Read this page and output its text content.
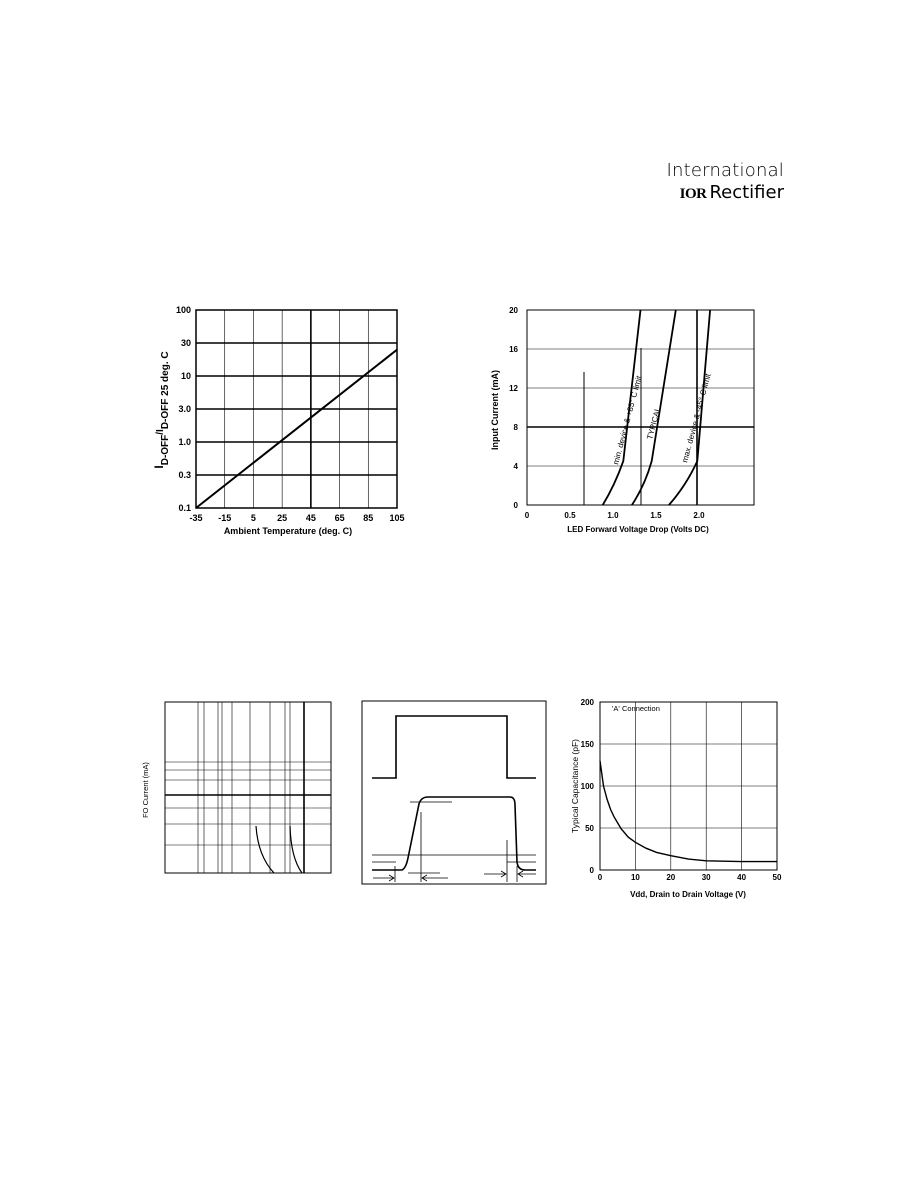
International
IOR Rectifier
-35 -15 5 25 45 65 85 105
0.1
0.3
1.0
3.0
10
30
100
Ambient Temperature (deg. C)
$I_{D-OFF}^{/I}_{D-OFF 25 deg. C}$
0	0.5	1.0	1.5	2.0
0
4
8
12
16
20
min. device & +85° C limit TYPICAL max. device & -45° C limit
LED Forward Voltage Drop (Volts DC)
Input Current (mA)
FO Current (mA)
0	10	20	30	40	50
0
50
100
150
200
'A' Connection
Vdd, Drain to Drain Voltage (V)
Typical Capacitance (pF)
